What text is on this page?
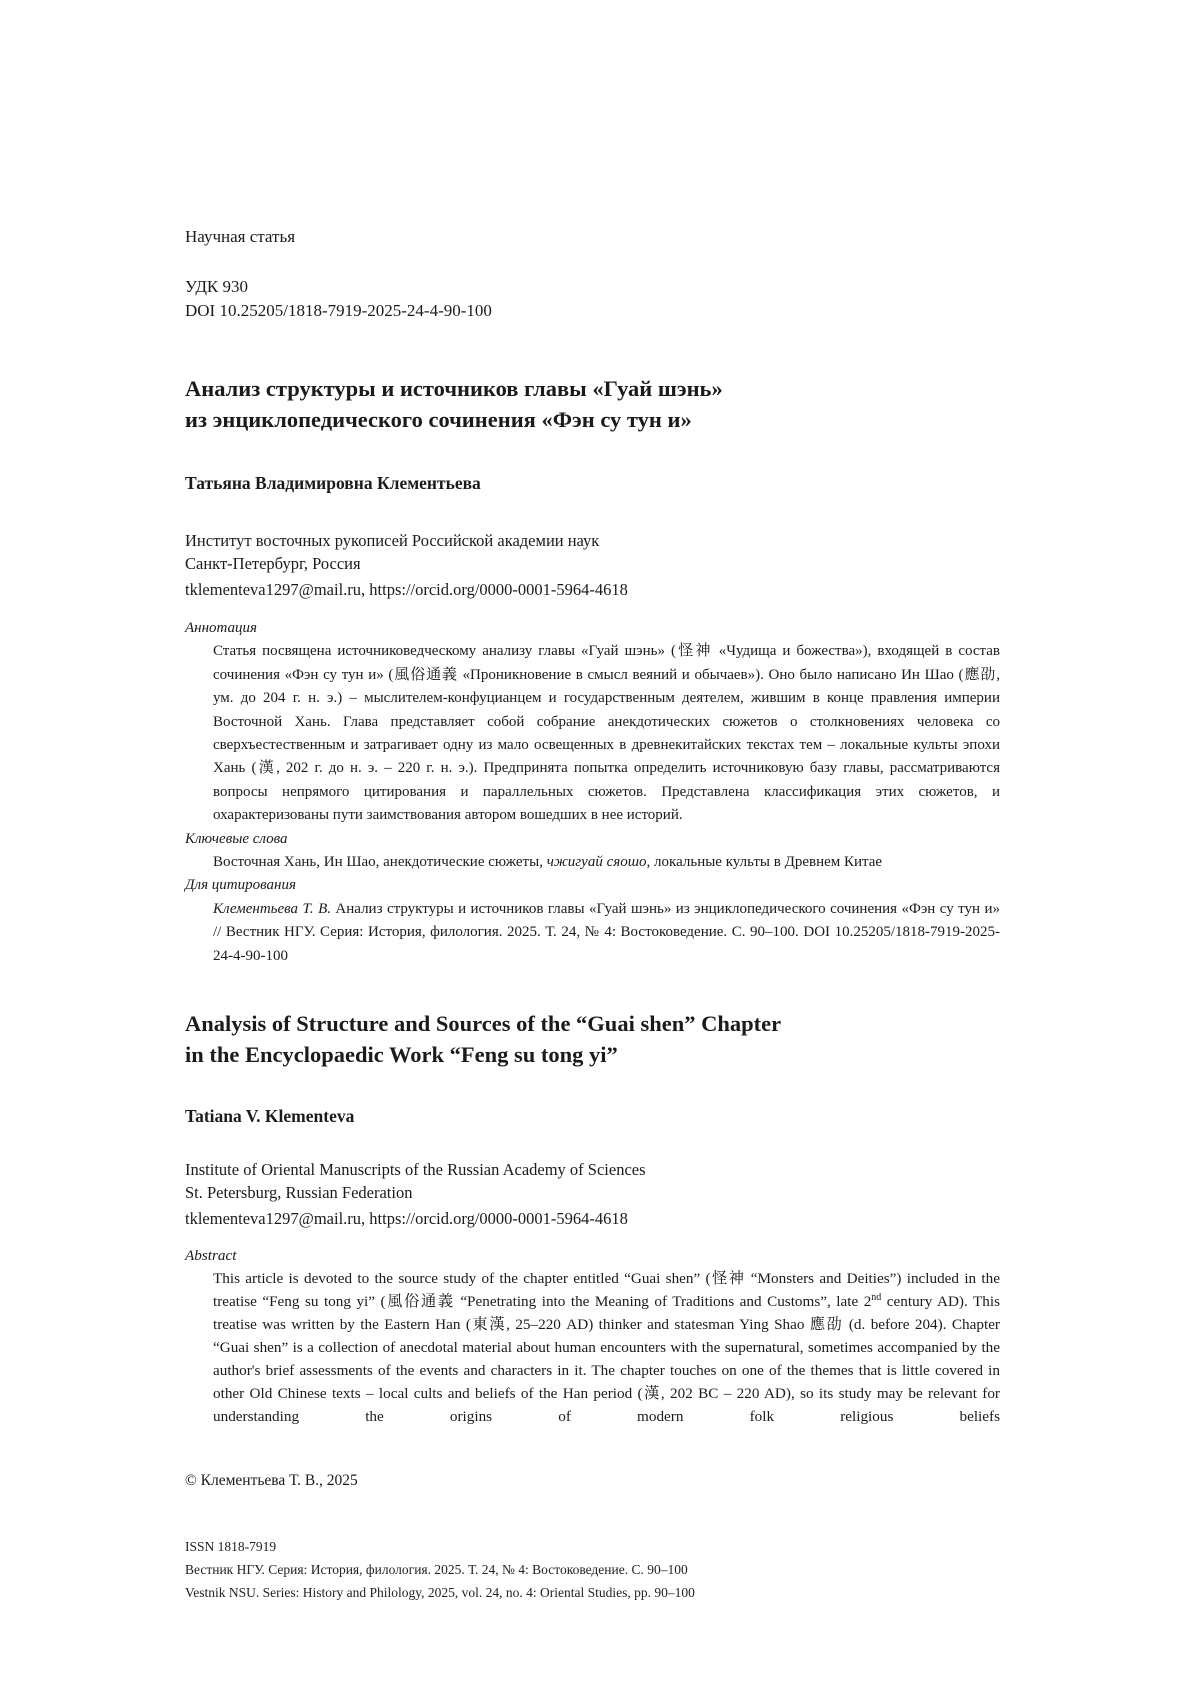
Научная статья

УДК 930

DOI 10.25205/1818-7919-2025-24-4-90-100

Анализ структуры и источников главы «Гуай шэнь»

из энциклопедического сочинения «Фэн су тун и»

Татьяна Владимировна Клементьева

Институт восточных рукописей Российской академии наук

Санкт-Петербург, Россия

tklementeva1297@mail.ru, https://orcid.org/0000-0001-5964-4618

Аннотация

Статья посвящена источниковедческому анализу главы «Гуай шэнь» (怪神 «Чудища и божества»), входящей в состав сочинения «Фэн су тун и» (風俗通義 «Проникновение в смысл веяний и обычаев»). Оно было написано Ин Шао (應劭, ум. до 204 г. н. э.) – мыслителем-конфуцианцем и государственным деятелем, жившим в конце правления империи Восточной Хань. Глава представляет собой собрание анекдотических сюжетов о столкновениях человека со сверхъестественным и затрагивает одну из мало освещенных в древнекитайских текстах тем – локальные культы эпохи Хань (漢, 202 г. до н. э. – 220 г. н. э.). Предпринята попытка определить источниковую базу главы, рассматриваются вопросы непрямого цитирования и параллельных сюжетов. Представлена классификация этих сюжетов, и охарактеризованы пути заимствования автором вошедших в нее историй.

Ключевые слова

Восточная Хань, Ин Шао, анекдотические сюжеты, чжигуай сяошо, локальные культы в Древнем Китае

Для цитирования

Клементьева Т. В. Анализ структуры и источников главы «Гуай шэнь» из энциклопедического сочинения «Фэн су тун и» // Вестник НГУ. Серия: История, филология. 2025. Т. 24, № 4: Востоковедение. С. 90–100. DOI 10.25205/1818-7919-2025-24-4-90-100

Analysis of Structure and Sources of the “Guai shen” Chapter

in the Encyclopaedic Work “Feng su tong yi”

Tatiana V. Klementeva

Institute of Oriental Manuscripts of the Russian Academy of Sciences

St. Petersburg, Russian Federation

tklementeva1297@mail.ru, https://orcid.org/0000-0001-5964-4618

Abstract

This article is devoted to the source study of the chapter entitled “Guai shen” (怪神 “Monsters and Deities”) included in the treatise “Feng su tong yi” (風俗通義 “Penetrating into the Meaning of Traditions and Customs”, late 2nd century AD). This treatise was written by the Eastern Han (東漢, 25–220 AD) thinker and statesman Ying Shao 應劭 (d. before 204). Chapter “Guai shen” is a collection of anecdotal material about human encounters with the supernatural, sometimes accompanied by the author's brief assessments of the events and characters in it. The chapter touches on one of the themes that is little covered in other Old Chinese texts – local cults and beliefs of the Han period (漢, 202 BC – 220 AD), so its study may be relevant for understanding the origins of modern folk religious beliefs

© Клементьева Т. В., 2025

ISSN 1818-7919

Вестник НГУ. Серия: История, филология. 2025. Т. 24, № 4: Востоковедение. С. 90–100

Vestnik NSU. Series: History and Philology, 2025, vol. 24, no. 4: Oriental Studies, pp. 90–100
